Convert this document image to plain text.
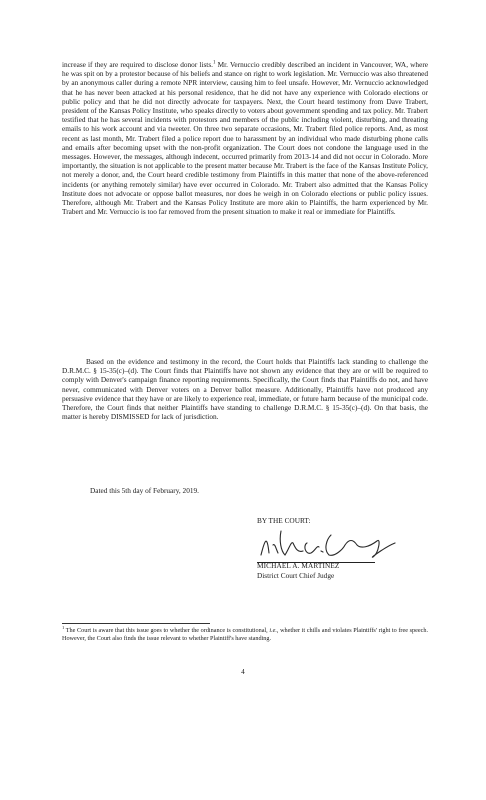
increase if they are required to disclose donor lists.$^1$ Mr. Vernuccio credibly described an incident in Vancouver, WA, where he was spit on by a protestor because of his beliefs and stance on right to work legislation. Mr. Vernuccio was also threatened by an anonymous caller during a remote NPR interview, causing him to feel unsafe. However, Mr. Vernuccio acknowledged that he has never been attacked at his personal residence, that he did not have any experience with Colorado elections or public policy and that he did not directly advocate for taxpayers. Next, the Court heard testimony from Dave Trabert, president of the Kansas Policy Institute, who speaks directly to voters about government spending and tax policy. Mr. Trabert testified that he has several incidents with protestors and members of the public including violent, disturbing, and threating emails to his work account and via tweeter. On three two separate occasions, Mr. Trabert filed police reports. And, as most recent as last month, Mr. Trabert filed a police report due to harassment by an individual who made disturbing phone calls and emails after becoming upset with the non-profit organization. The Court does not condone the language used in the messages. However, the messages, although indecent, occurred primarily from 2013-14 and did not occur in Colorado. More importantly, the situation is not applicable to the present matter because Mr. Trabert is the face of the Kansas Institute Policy, not merely a donor, and, the Court heard credible testimony from Plaintiffs in this matter that none of the above-referenced incidents (or anything remotely similar) have ever occurred in Colorado. Mr. Trabert also admitted that the Kansas Policy Institute does not advocate or oppose ballot measures, nor does he weigh in on Colorado elections or public policy issues. Therefore, although Mr. Trabert and the Kansas Policy Institute are more akin to Plaintiffs, the harm experienced by Mr. Trabert and Mr. Vernuccio is too far removed from the present situation to make it real or immediate for Plaintiffs.

Based on the evidence and testimony in the record, the Court holds that Plaintiffs lack standing to challenge the D.R.M.C. § 15-35(c)–(d). The Court finds that Plaintiffs have not shown any evidence that they are or will be required to comply with Denver's campaign finance reporting requirements. Specifically, the Court finds that Plaintiffs do not, and have never, communicated with Denver voters on a Denver ballot measure. Additionally, Plaintiffs have not produced any persuasive evidence that they have or are likely to experience real, immediate, or future harm because of the municipal code. Therefore, the Court finds that neither Plaintiffs have standing to challenge D.R.M.C. § 15-35(c)–(d). On that basis, the matter is hereby DISMISSED for lack of jurisdiction.

Dated this 5th day of February, 2019.
BY THE COURT:
MICHAEL A. MARTINEZ
District Court Chief Judge
$^1$ The Court is aware that this issue goes to whether the ordinance is constitutional, i.e., whether it chills and violates Plaintiffs' right to free speech. However, the Court also finds the issue relevant to whether Plaintiff's have standing.
4
